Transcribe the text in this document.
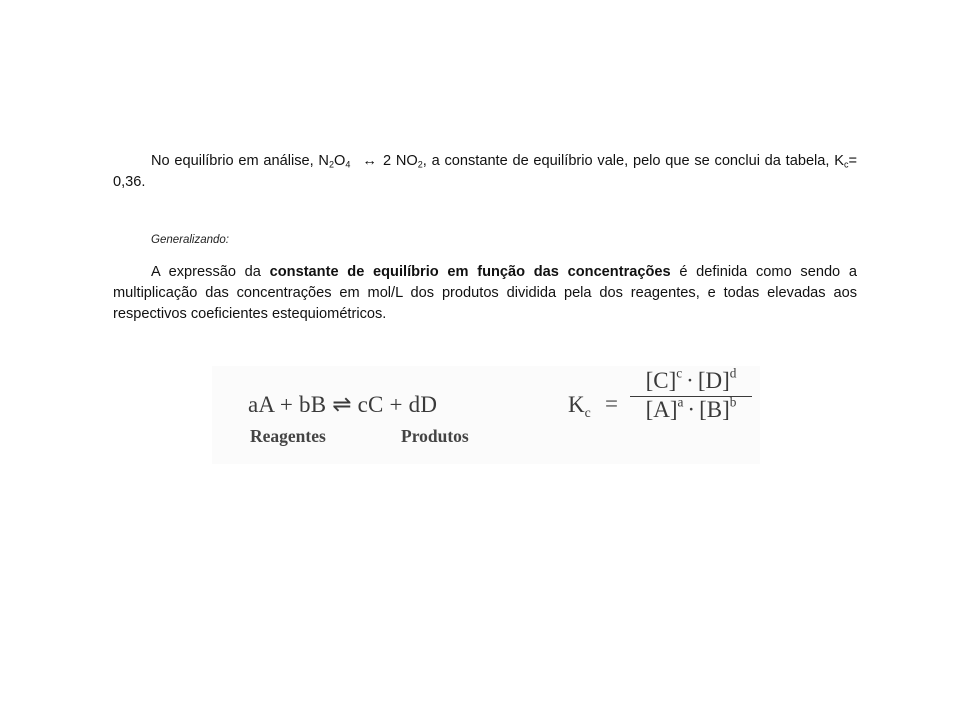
No equilíbrio em análise, $N_2O_4$ ↔ 2 $NO_2$, a constante de equilíbrio vale, pelo que se conclui da tabela, $K_c= 0,36$.

Generalizando:

A expressão da constante de equilíbrio em função das concentrações é definida como sendo a multiplicação das concentrações em mol/L dos produtos dividida pela dos reagentes, e todas elevadas aos respectivos coeficientes estequiométricos.

aA + bB ⇌ cC + dD
Reagentes	Produtos
$K_c$ =
$[C]^c \cdot [D]^d$
$[A]^a \cdot [B]^b$
